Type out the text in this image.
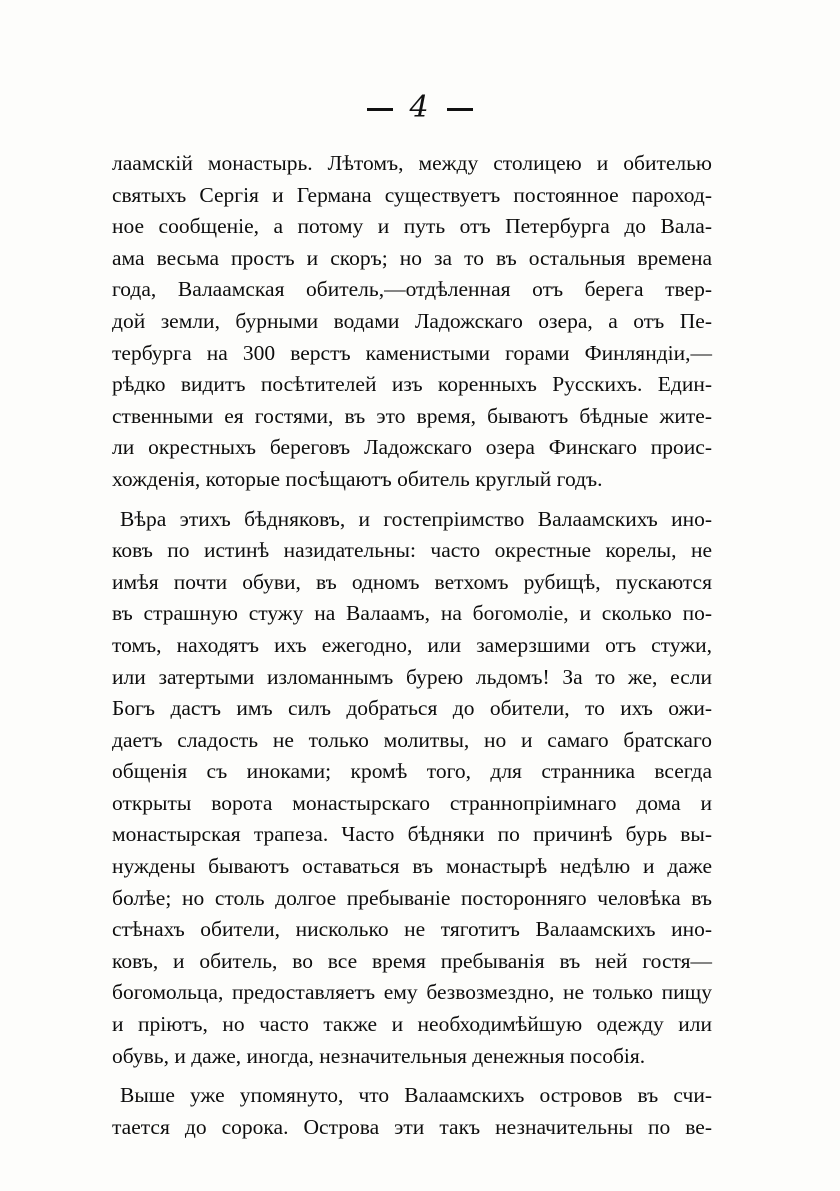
4
лаамскій монастырь. Лѣтомъ, между столицею и обителью
святыхъ Сергія и Германа существуетъ постоянное пароход-
ное сообщеніе, а потому и путь отъ Петербурга до Вала-
ама весьма простъ и скоръ; но за то въ остальныя времена
года, Валаамская обитель,—отдѣленная отъ берега твер-
дой земли, бурными водами Ладожскаго озера, а отъ Пе-
тербурга на 300 верстъ каменистыми горами Финляндіи,—
рѣдко видитъ посѣтителей изъ коренныхъ Русскихъ. Един-
ственными ея гостями, въ это время, бываютъ бѣдные жите-
ли окрестныхъ береговъ Ладожскаго озера Финскаго проис-
хожденія, которые посѣщаютъ обитель круглый годъ.
Вѣра этихъ бѣдняковъ, и гостепріимство Валаамскихъ ино-
ковъ по истинѣ назидательны: часто окрестные корелы, не
имѣя почти обуви, въ одномъ ветхомъ рубищѣ, пускаются
въ страшную стужу на Валаамъ, на богомоліе, и сколько по-
томъ, находятъ ихъ ежегодно, или замерзшими отъ стужи,
или затертыми изломаннымъ бурею льдомъ! За то же, если
Богъ дастъ имъ силъ добраться до обители, то ихъ ожи-
даетъ сладость не только молитвы, но и самаго братскаго
общенія съ иноками; кромѣ того, для странника всегда
открыты ворота монастырскаго страннопріимнаго дома и
монастырская трапеза. Часто бѣдняки по причинѣ бурь вы-
нуждены бываютъ оставаться въ монастырѣ недѣлю и даже
болѣе; но столь долгое пребываніе посторонняго человѣка въ
стѣнахъ обители, нисколько не тяготитъ Валаамскихъ ино-
ковъ, и обитель, во все время пребыванія въ ней гостя—
богомольца, предоставляетъ ему безвозмездно, не только пищу
и пріютъ, но часто также и необходимѣйшую одежду или
обувь, и даже, иногда, незначительныя денежныя пособія.
Выше уже упомянуто, что Валаамскихъ островов въ счи-
тается до сорока. Острова эти такъ незначительны по ве-
